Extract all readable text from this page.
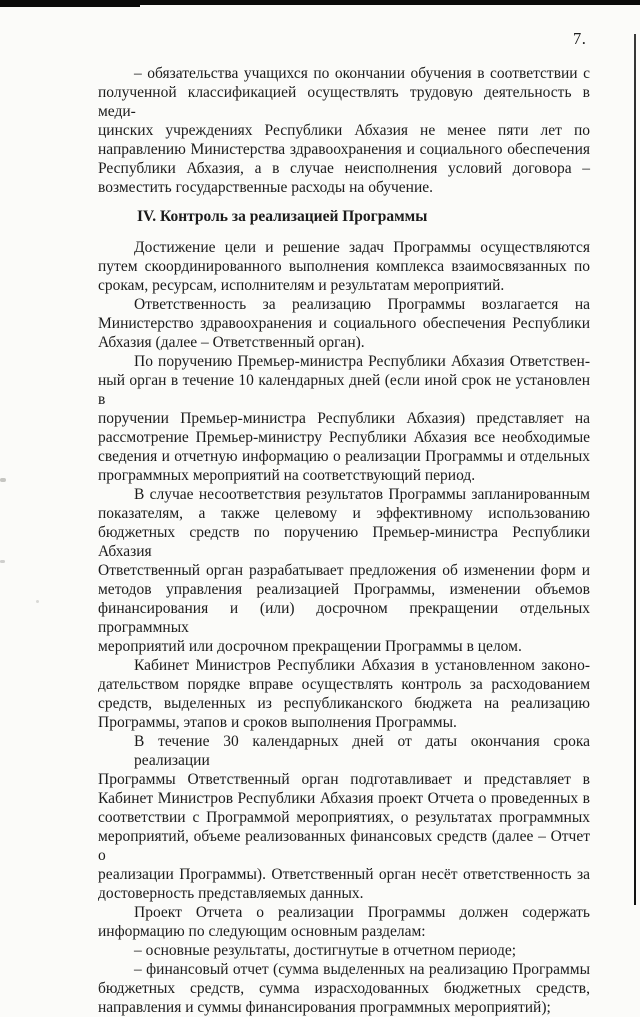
7.
– обязательства учащихся по окончании обучения в соответствии с
полученной классификацией осуществлять трудовую деятельность в меди-
цинских учреждениях Республики Абхазия не менее пяти лет по
направлению Министерства здравоохранения и социального обеспечения
Республики Абхазия, а в случае неисполнения условий договора –
возместить государственные расходы на обучение.
IV. Контроль за реализацией Программы
Достижение цели и решение задач Программы осуществляются
путем скоординированного выполнения комплекса взаимосвязанных по
срокам, ресурсам, исполнителям и результатам мероприятий.
Ответственность за реализацию Программы возлагается на
Министерство здравоохранения и социального обеспечения Республики
Абхазия (далее – Ответственный орган).
По поручению Премьер-министра Республики Абхазия Ответствен-
ный орган в течение 10 календарных дней (если иной срок не установлен в
поручении Премьер-министра Республики Абхазия) представляет на
рассмотрение Премьер-министру Республики Абхазия все необходимые
сведения и отчетную информацию о реализации Программы и отдельных
программных мероприятий на соответствующий период.
В случае несоответствия результатов Программы запланированным
показателям, а также целевому и эффективному использованию
бюджетных средств по поручению Премьер-министра Республики Абхазия
Ответственный орган разрабатывает предложения об изменении форм и
методов управления реализацией Программы, изменении объемов
финансирования и (или) досрочном прекращении отдельных программных
мероприятий или досрочном прекращении Программы в целом.
Кабинет Министров Республики Абхазия в установленном законо-
дательством порядке вправе осуществлять контроль за расходованием
средств, выделенных из республиканского бюджета на реализацию
Программы, этапов и сроков выполнения Программы.
В течение 30 календарных дней от даты окончания срока реализации
Программы Ответственный орган подготавливает и представляет в
Кабинет Министров Республики Абхазия проект Отчета о проведенных в
соответствии с Программой мероприятиях, о результатах программных
мероприятий, объеме реализованных финансовых средств (далее – Отчет о
реализации Программы). Ответственный орган несёт ответственность за
достоверность представляемых данных.
Проект Отчета о реализации Программы должен содержать
информацию по следующим основным разделам:
– основные результаты, достигнутые в отчетном периоде;
– финансовый отчет (сумма выделенных на реализацию Программы
бюджетных средств, сумма израсходованных бюджетных средств,
направления и суммы финансирования программных мероприятий);
